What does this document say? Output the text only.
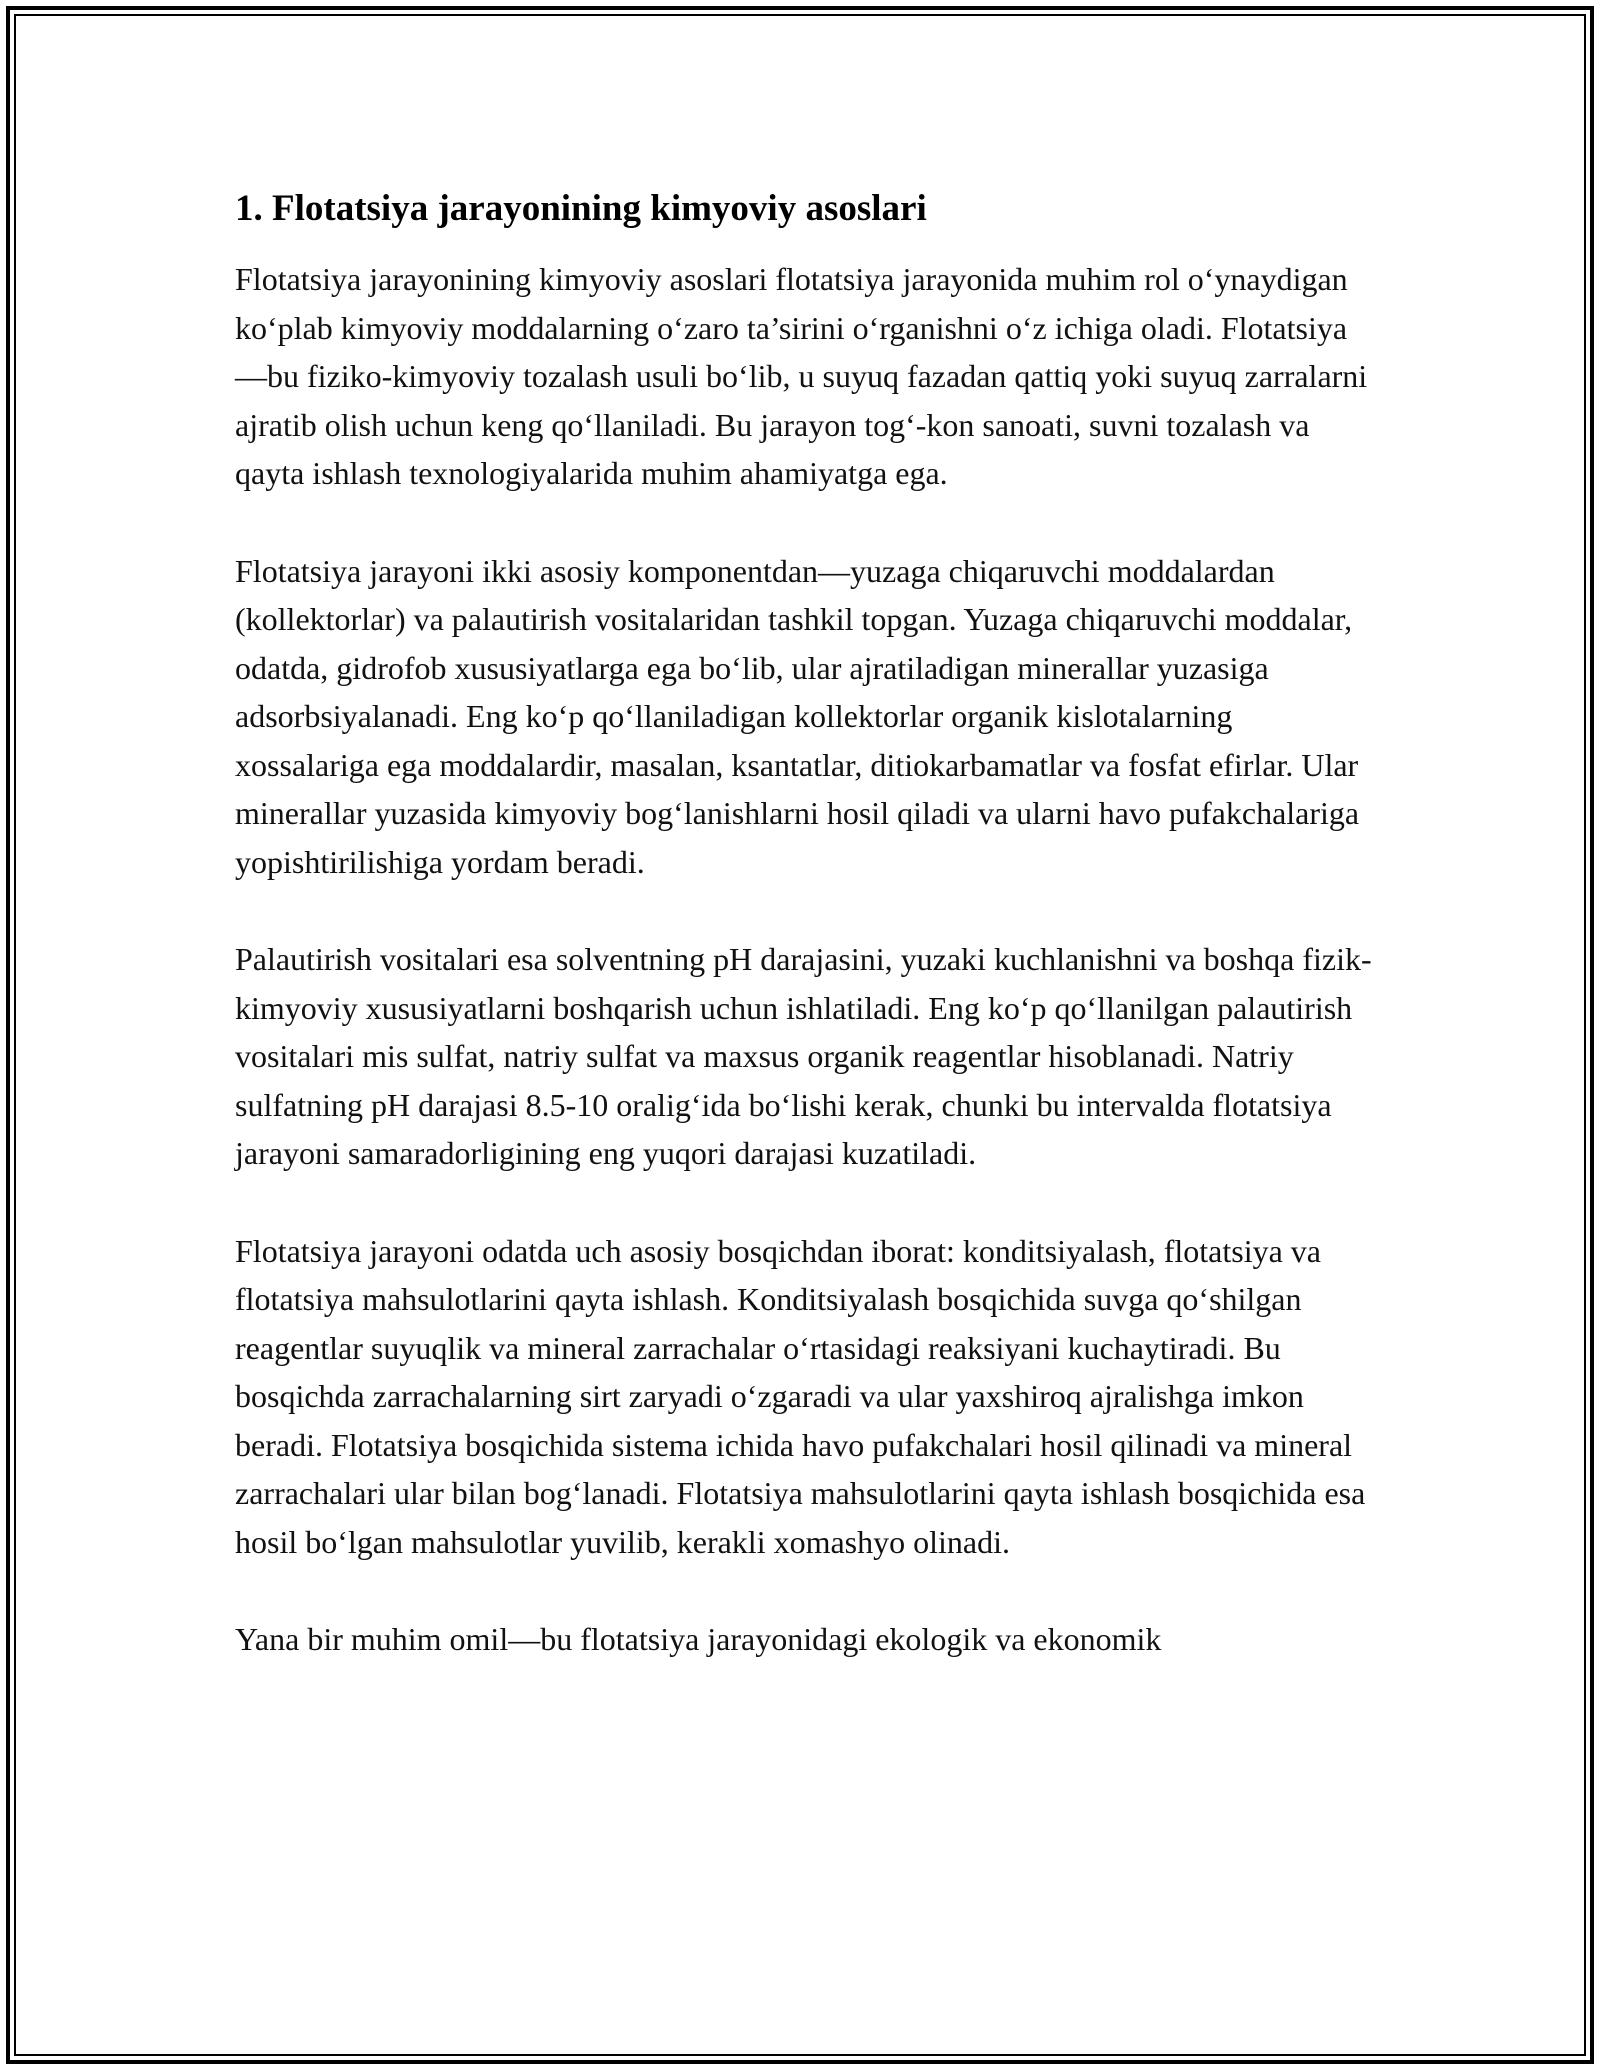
1. Flotatsiya jarayonining kimyoviy asoslari

Flotatsiya jarayonining kimyoviy asoslari flotatsiya jarayonida muhim rol o‘ynaydigan ko‘plab kimyoviy moddalarning o‘zaro ta’sirini o‘rganishni o‘z ichiga oladi. Flotatsiya—bu fiziko-kimyoviy tozalash usuli bo‘lib, u suyuq fazadan qattiq yoki suyuq zarralarni ajratib olish uchun keng qo‘llaniladi. Bu jarayon tog‘-kon sanoati, suvni tozalash va qayta ishlash texnologiyalarida muhim ahamiyatga ega.

Flotatsiya jarayoni ikki asosiy komponentdan—yuzaga chiqaruvchi moddalardan (kollektorlar) va palautirish vositalaridan tashkil topgan. Yuzaga chiqaruvchi moddalar, odatda, gidrofob xususiyatlarga ega bo‘lib, ular ajratiladigan minerallar yuzasiga adsorbsiyalanadi. Eng ko‘p qo‘llaniladigan kollektorlar organik kislotalarning xossalariga ega moddalardir, masalan, ksantatlar, ditiokarbamatlar va fosfat efirlar. Ular minerallar yuzasida kimyoviy bog‘lanishlarni hosil qiladi va ularni havo pufakchalariga yopishtirilishiga yordam beradi.

Palautirish vositalari esa solventning pH darajasini, yuzaki kuchlanishni va boshqa fizik-kimyoviy xususiyatlarni boshqarish uchun ishlatiladi. Eng ko‘p qo‘llanilgan palautirish vositalari mis sulfat, natriy sulfat va maxsus organik reagentlar hisoblanadi. Natriy sulfatning pH darajasi 8.5-10 oralig‘ida bo‘lishi kerak, chunki bu intervalda flotatsiya jarayoni samaradorligining eng yuqori darajasi kuzatiladi.

Flotatsiya jarayoni odatda uch asosiy bosqichdan iborat: konditsiyalash, flotatsiya va flotatsiya mahsulotlarini qayta ishlash. Konditsiyalash bosqichida suvga qo‘shilgan reagentlar suyuqlik va mineral zarrachalar o‘rtasidagi reaksiyani kuchaytiradi. Bu bosqichda zarrachalarning sirt zaryadi o‘zgaradi va ular yaxshiroq ajralishga imkon beradi. Flotatsiya bosqichida sistema ichida havo pufakchalari hosil qilinadi va mineral zarrachalari ular bilan bog‘lanadi. Flotatsiya mahsulotlarini qayta ishlash bosqichida esa hosil bo‘lgan mahsulotlar yuvilib, kerakli xomashyo olinadi.

Yana bir muhim omil—bu flotatsiya jarayonidagi ekologik va ekonomik
